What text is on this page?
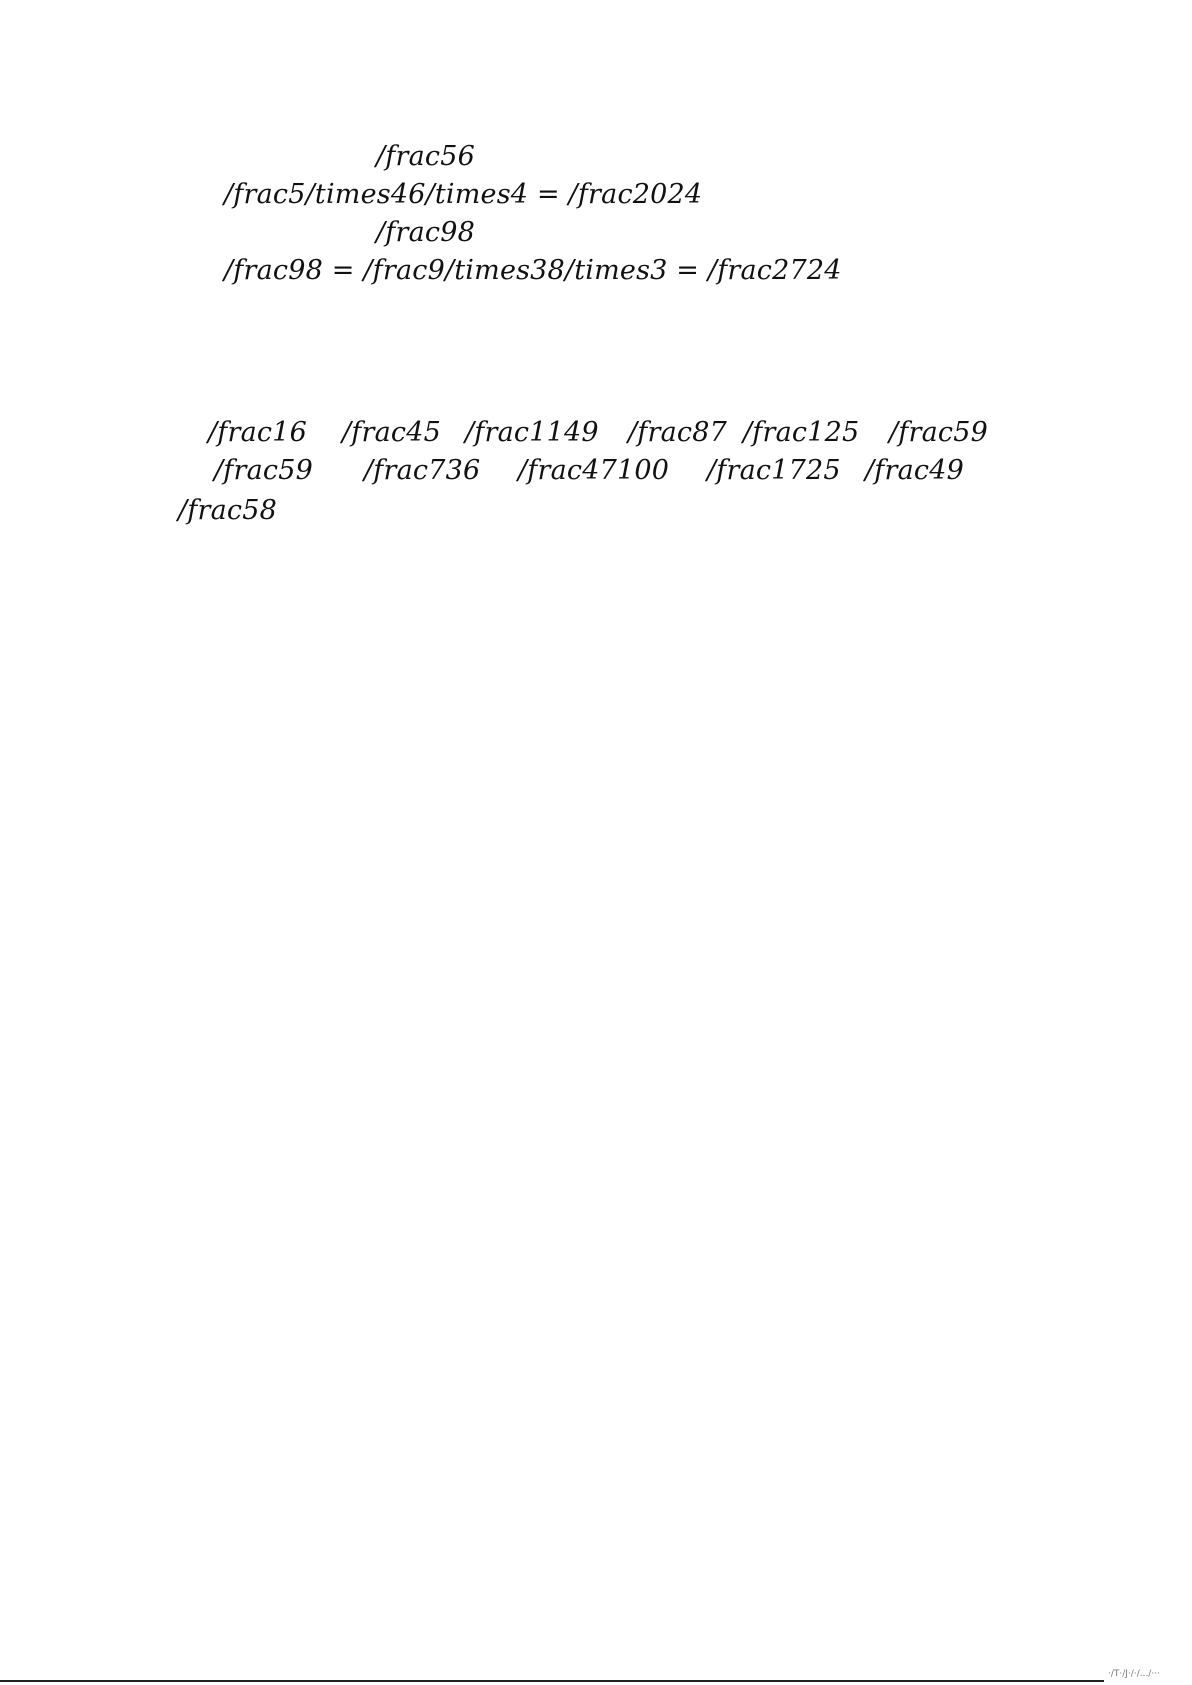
/frac56
/frac5/times46/times4 = /frac2024
/frac98
/frac98 = /frac9/times38/times3 = /frac2724
/frac16 /frac45 /frac1149 /frac87 /frac125 /frac59
/frac59 /frac736 /frac47100 /frac1725 /frac49
/frac58
·/T·/J·/·/.../···
